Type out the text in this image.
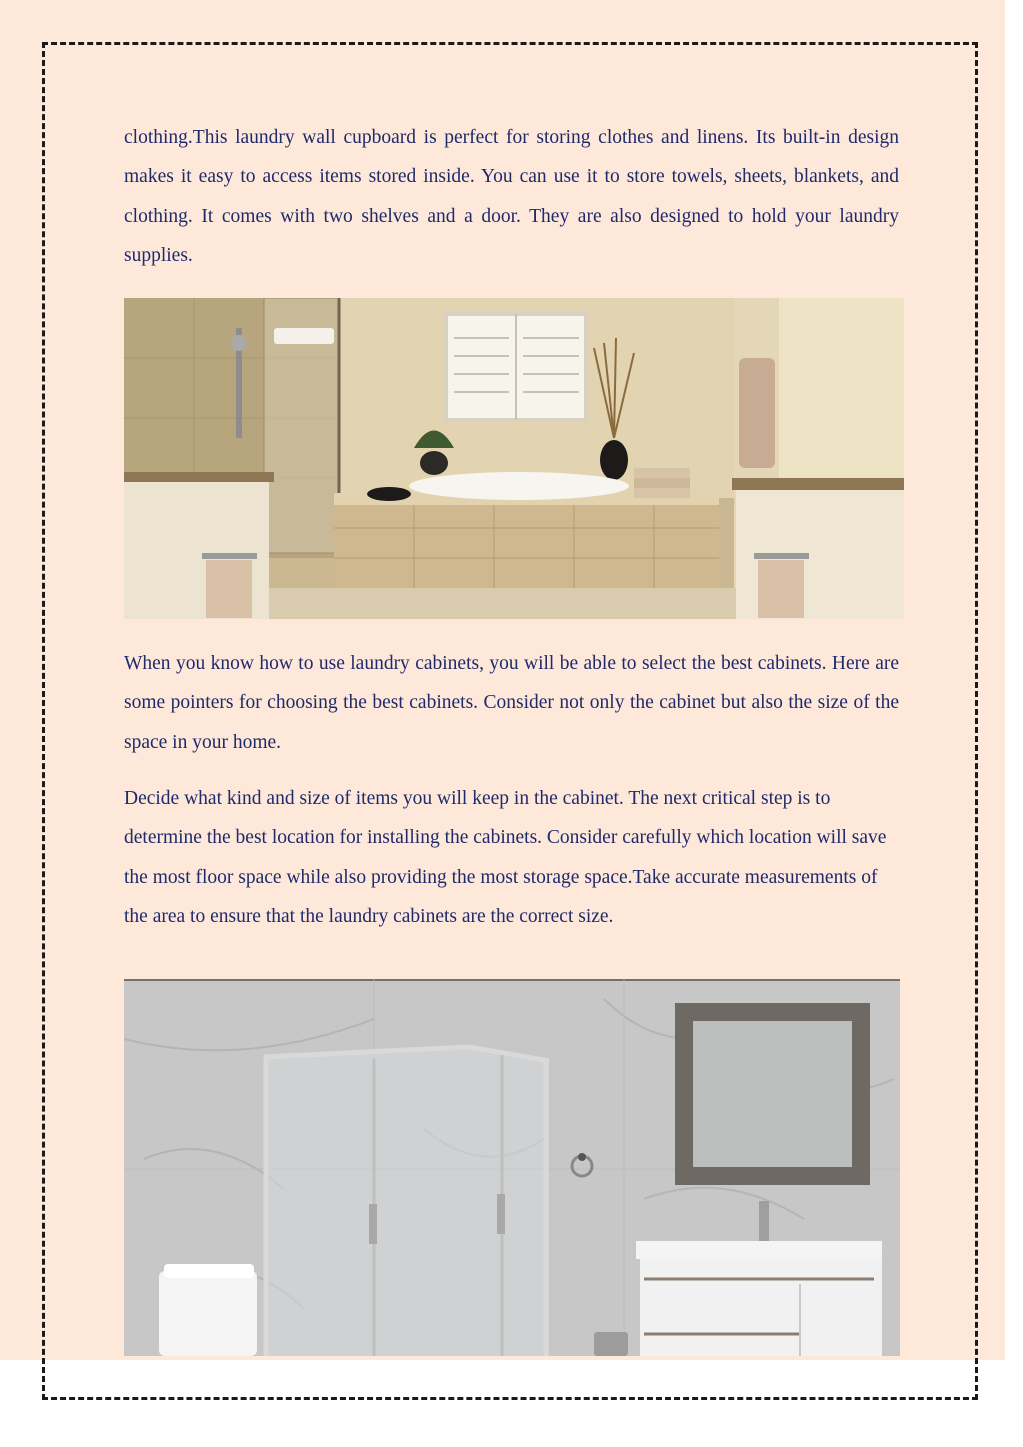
clothing.This laundry wall cupboard is perfect for storing clothes and linens. Its built-in design makes it easy to access items stored inside. You can use it to store towels, sheets, blankets, and clothing. It comes with two shelves and a door. They are also designed to hold your laundry supplies.

When you know how to use laundry cabinets, you will be able to select the best cabinets. Here are some pointers for choosing the best cabinets. Consider not only the cabinet but also the size of the space in your home.

Decide what kind and size of items you will keep in the cabinet. The next critical step is to determine the best location for installing the cabinets. Consider carefully which location will save the most floor space while also providing the most storage space.Take accurate measurements of the area to ensure that the laundry cabinets are the correct size.
